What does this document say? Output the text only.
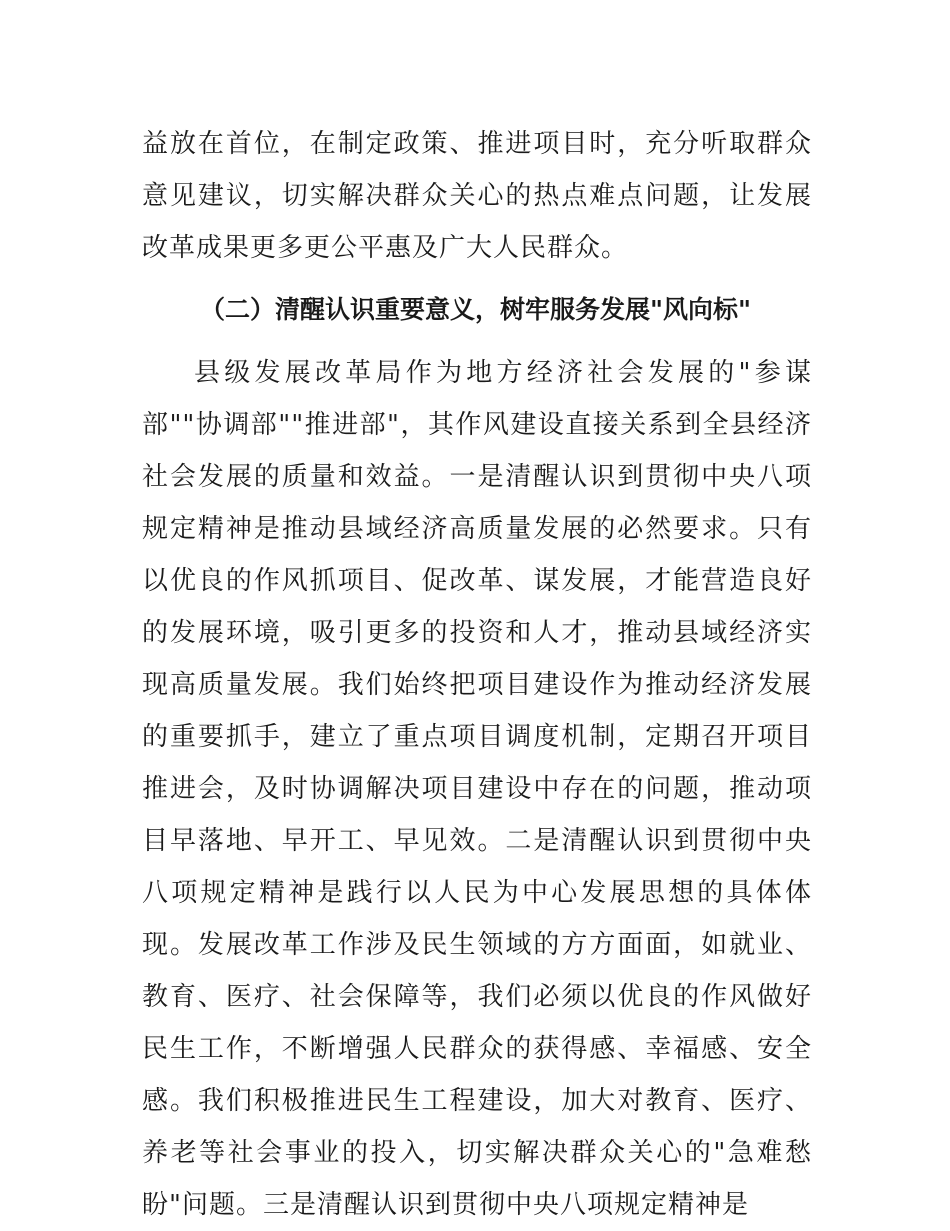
益放在首位，在制定政策、推进项目时，充分听取群众意见建议，切实解决群众关心的热点难点问题，让发展改革成果更多更公平惠及广大人民群众。

（二）清醒认识重要意义，树牢服务发展"风向标"

县级发展改革局作为地方经济社会发展的"参谋部""协调部""推进部"，其作风建设直接关系到全县经济社会发展的质量和效益。一是清醒认识到贯彻中央八项规定精神是推动县域经济高质量发展的必然要求。只有以优良的作风抓项目、促改革、谋发展，才能营造良好的发展环境，吸引更多的投资和人才，推动县域经济实现高质量发展。我们始终把项目建设作为推动经济发展的重要抓手，建立了重点项目调度机制，定期召开项目推进会，及时协调解决项目建设中存在的问题，推动项目早落地、早开工、早见效。二是清醒认识到贯彻中央八项规定精神是践行以人民为中心发展思想的具体体现。发展改革工作涉及民生领域的方方面面，如就业、教育、医疗、社会保障等，我们必须以优良的作风做好民生工作，不断增强人民群众的获得感、幸福感、安全感。我们积极推进民生工程建设，加大对教育、医疗、养老等社会事业的投入，切实解决群众关心的"急难愁盼"问题。三是清醒认识到贯彻中央八项规定精神是
